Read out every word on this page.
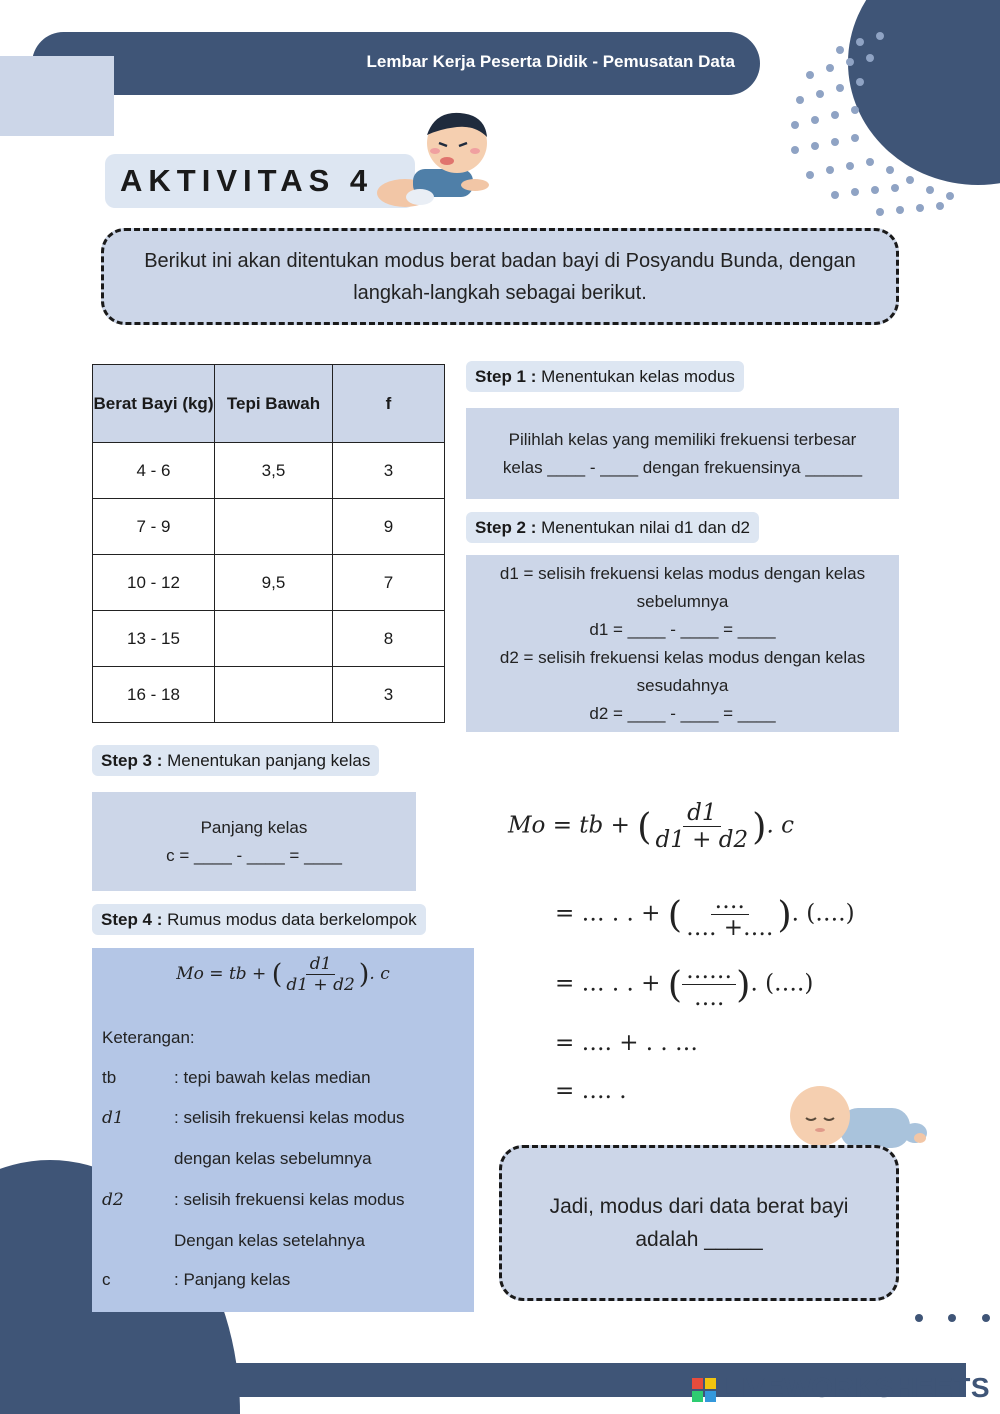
Lembar Kerja Peserta Didik - Pemusatan Data
AKTIVITAS 4
Berikut ini akan ditentukan modus berat badan bayi di Posyandu Bunda, dengan langkah-langkah sebagai berikut.
Berat Bayi (kg)	Tepi Bawah	f
4 - 6	3,5	3
7 - 9		9
10 - 12	9,5	7
13 - 15		8
16 - 18		3
Step 1 : Menentukan kelas modus
Pilihlah kelas yang memiliki frekuensi terbesar
kelas ____ - ____ dengan frekuensinya ______
Step 2 : Menentukan nilai d1 dan d2
d1 = selisih frekuensi kelas modus dengan kelas
sebelumnya
d1 = ____ - ____ = ____
d2 = selisih frekuensi kelas modus dengan kelas
sesudahnya
d2 = ____ - ____ = ____
Step 3 : Menentukan panjang kelas
Panjang kelas
c = ____ - ____ = ____
Step 4 : Rumus modus data berkelompok
Mo = tb + ( $\frac{d1}{d1 + d2}$ ). c
Keterangan:
tb	: tepi bawah kelas median
d1	: selisih frekuensi kelas modus
dengan kelas sebelumnya
d2	: selisih frekuensi kelas modus
Dengan kelas setelahnya
c	: Panjang kelas
Mo = tb + ( $\frac{d1}{d1 + d2}$ ). c
= … . . + ( $\frac{\dots.}{\dots. +\dots.}$ ). (….)
= … . . + ( $\frac{\dots\dots}{\dots.}$ ). (….)
= …. + . . …
= …. .
Jadi, modus dari data berat bayi adalah _____
LIVEWORKSHEETS
